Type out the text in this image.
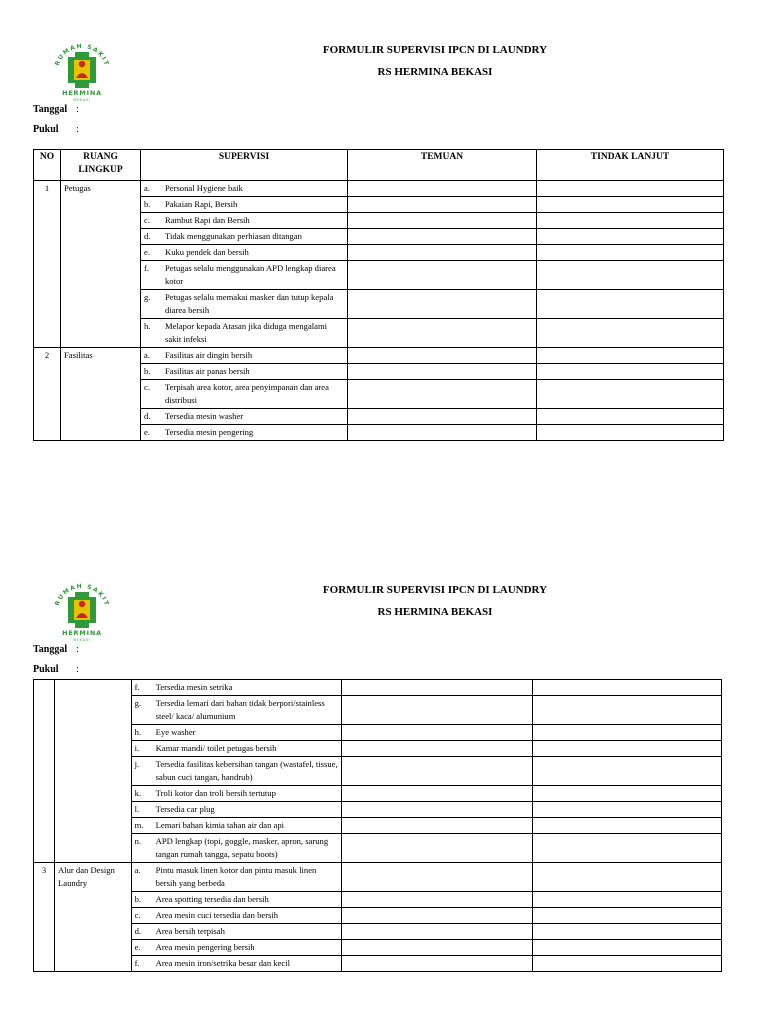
RUMAH SAKIT
HERMINA
BEKASI
FORMULIR SUPERVISI IPCN DI LAUNDRY
RS HERMINA BEKASI
Tanggal :
Pukul :
NO	RUANG LINGKUP	SUPERVISI	TEMUAN	TINDAK LANJUT
1	Petugas	a. Personal Hygiene baik		

		b. Pakaian Rapi, Bersih		

		c. Rambut Rapi dan Bersih		

		d. Tidak menggunakan perhiasan ditangan		

		e. Kuku pendek dan bersih		

		f. Petugas selalu menggunakan APD lengkap diarea kotor		

		g. Petugas selalu memakai masker dan tutup kepala diarea bersih		

		h. Melapor kepada Atasan jika diduga mengalami sakit infeksi		

2	Fasilitas	a. Fasilitas air dingin bersih		

		b. Fasilitas air panas bersih		

		c. Terpisah area kotor, area penyimpanan dan area distribusi		

		d. Tersedia mesin washer		

		e. Tersedia mesin pengering		

RUMAH SAKIT
HERMINA
BEKASI
FORMULIR SUPERVISI IPCN DI LAUNDRY
RS HERMINA BEKASI
Tanggal :
Pukul :

		f. Tersedia mesin setrika		

		g. Tersedia lemari dari bahan tidak berpori/stainless steel/ kaca/ alumunium		

		h. Eye washer		

		i. Kamar mandi/ toilet petugas bersih		

		j. Tersedia fasilitas kebersihan tangan (wastafel, tissue, sabun cuci tangan, handrub)		

		k. Troli kotor dan troli bersih tertutup		

		l. Tersedia car plug		

		m. Lemari bahan kimia tahan air dan api		

		n. APD lengkap (topi, goggle, masker, apron, sarung tangan rumah tangga, sepatu boots)		

3	Alur dan Design Laundry	a. Pintu masuk linen kotor dan pintu masuk linen bersih yang berbeda		

		b. Area spotting tersedia dan bersih		

		c. Area mesin cuci tersedia dan bersih		

		d. Area bersih terpisah		

		e. Area mesin pengering bersih		

		f. Area mesin iron/setrika besar dan kecil		
